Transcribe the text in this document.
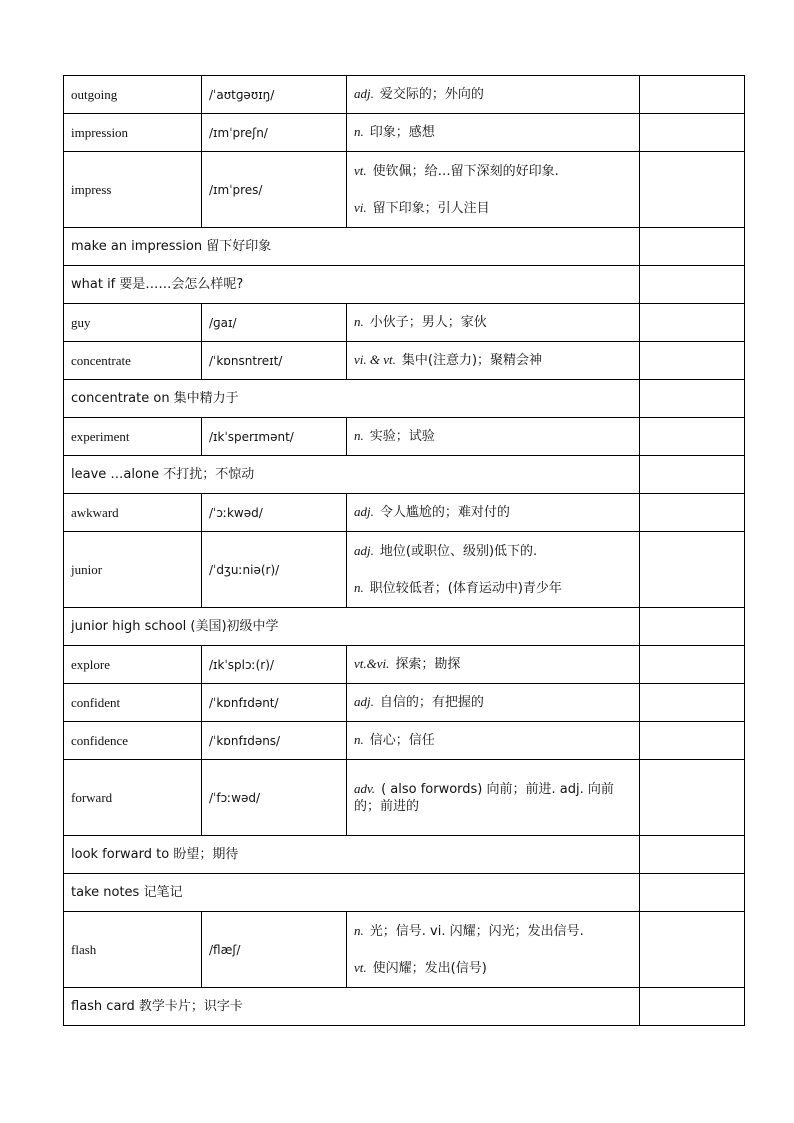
outgoing	/ˈaʊtɡəʊɪŋ/	adj. 爱交际的；外向的	

impression	/ɪmˈpreʃn/	n. 印象；感想	

impress	/ɪmˈpres/	vt. 使钦佩；给…留下深刻的好印象.
vi. 留下印象；引人注目	

make an impression 留下好印象			
what if 要是……会怎么样呢?			
guy	/ɡaɪ/	n. 小伙子；男人；家伙	

concentrate	/ˈkɒnsntreɪt/	vi. & vt. 集中(注意力)；聚精会神	

concentrate on 集中精力于			
experiment	/ɪkˈsperɪmənt/	n. 实验；试验	

leave …alone 不打扰；不惊动			
awkward	/ˈɔːkwəd/	adj. 令人尴尬的；难对付的	

junior	/ˈdʒuːniə(r)/	adj. 地位(或职位、级别)低下的.
n. 职位较低者；(体育运动中)青少年	

junior high school (美国)初级中学			
explore	/ɪkˈsplɔː(r)/	vt.&vi. 探索；勘探	

confident	/ˈkɒnfɪdənt/	adj. 自信的；有把握的	

confidence	/ˈkɒnfɪdəns/	n. 信心；信任	

forward	/ˈfɔːwəd/	adv. ( also forwords) 向前；前进. adj. 向前的；前进的	

look forward to 盼望；期待			
take notes 记笔记			
flash	/flæʃ/	n. 光；信号. vi. 闪耀；闪光；发出信号.
vt. 使闪耀；发出(信号)	

flash card 教学卡片；识字卡			
